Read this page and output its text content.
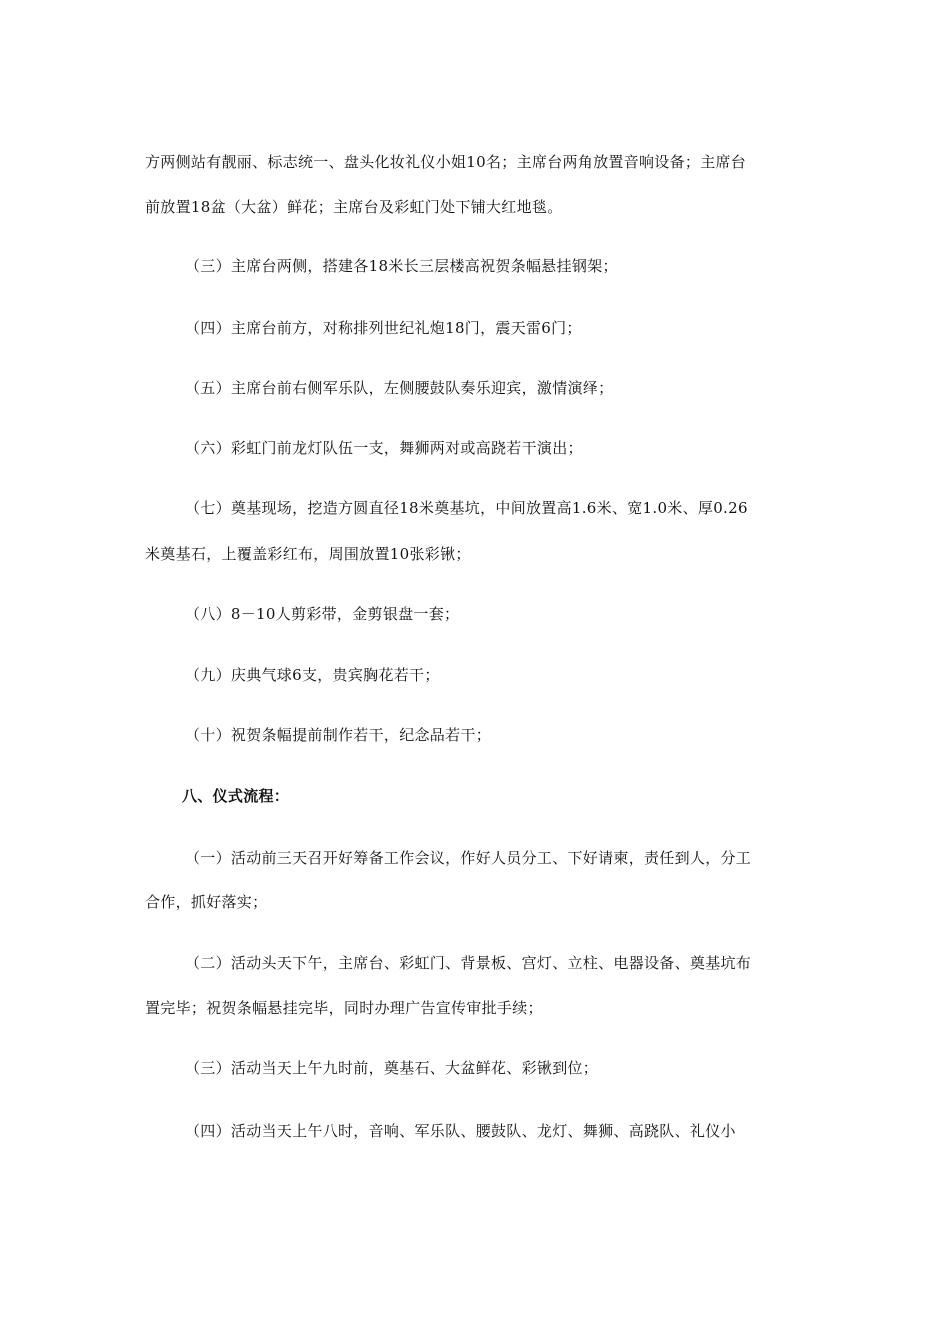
方两侧站有靓丽、标志统一、盘头化妆礼仪小姐10名；主席台两角放置音响设备；主席台
前放置18盆（大盆）鲜花；主席台及彩虹门处下铺大红地毯。
（三）主席台两侧，搭建各18米长三层楼高祝贺条幅悬挂钢架；
（四）主席台前方，对称排列世纪礼炮18门，震天雷6门；
（五）主席台前右侧军乐队，左侧腰鼓队奏乐迎宾，激情演绎；
（六）彩虹门前龙灯队伍一支，舞狮两对或高跷若干演出；
（七）奠基现场，挖造方圆直径18米奠基坑，中间放置高1.6米、宽1.0米、厚0.26
米奠基石，上覆盖彩红布，周围放置10张彩锹；
（八）8－10人剪彩带，金剪银盘一套；
（九）庆典气球6支，贵宾胸花若干；
（十）祝贺条幅提前制作若干，纪念品若干；
八、仪式流程：
（一）活动前三天召开好筹备工作会议，作好人员分工、下好请柬，责任到人，分工
合作，抓好落实；
（二）活动头天下午，主席台、彩虹门、背景板、宫灯、立柱、电器设备、奠基坑布
置完毕；祝贺条幅悬挂完毕，同时办理广告宣传审批手续；
（三）活动当天上午九时前，奠基石、大盆鲜花、彩锹到位；
（四）活动当天上午八时，音响、军乐队、腰鼓队、龙灯、舞狮、高跷队、礼仪小
